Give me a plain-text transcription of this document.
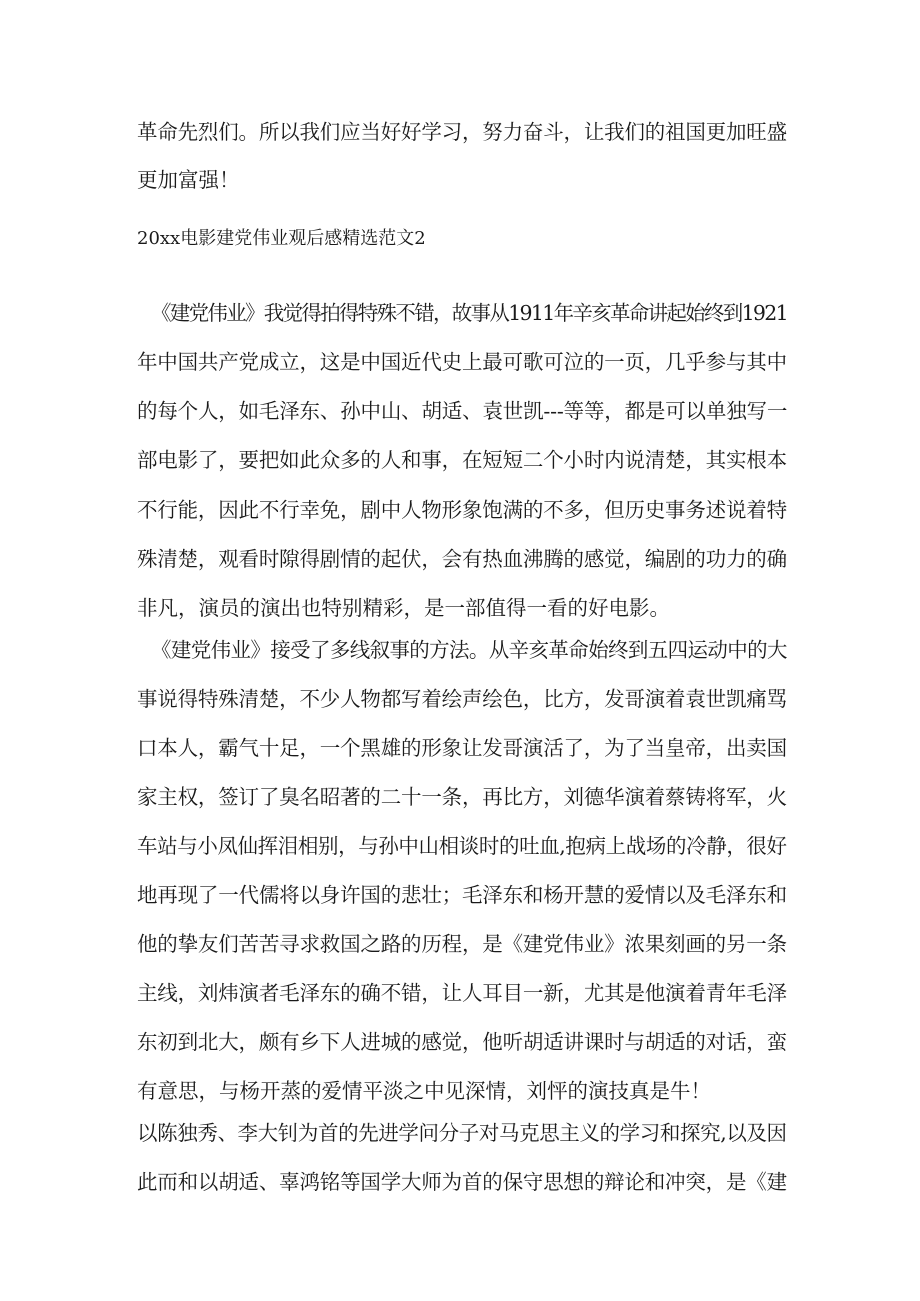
革命先烈们。所以我们应当好好学习，努力奋斗，让我们的祖国更加旺盛
更加富强！
20xx电影建党伟业观后感精选范文2
《建党伟业》我觉得拍得特殊不错，故事从1911年辛亥革命讲起始终到1921
年中国共产党成立，这是中国近代史上最可歌可泣的一页，几乎参与其中
的每个人，如毛泽东、孙中山、胡适、袁世凯---等等，都是可以单独写一
部电影了，要把如此众多的人和事，在短短二个小时内说清楚，其实根本
不行能，因此不行幸免，剧中人物形象饱满的不多，但历史事务述说着特
殊清楚，观看时隙得剧情的起伏，会有热血沸腾的感觉，编剧的功力的确
非凡，演员的演出也特别精彩，是一部值得一看的好电影。
《建党伟业》接受了多线叙事的方法。从辛亥革命始终到五四运动中的大
事说得特殊清楚，不少人物都写着绘声绘色，比方，发哥演着袁世凯痛骂
口本人，霸气十足，一个黑雄的形象让发哥演活了，为了当皇帝，出卖国
家主权，签订了臭名昭著的二十一条，再比方，刘德华演着蔡铸将军，火
车站与小凤仙挥泪相别，与孙中山相谈时的吐血,抱病上战场的冷静，很好
地再现了一代儒将以身许国的悲壮；毛泽东和杨开慧的爱情以及毛泽东和
他的挚友们苦苦寻求救国之路的历程，是《建党伟业》浓果刻画的另一条
主线，刘炜演者毛泽东的确不错，让人耳目一新，尤其是他演着青年毛泽
东初到北大，颇有乡下人进城的感觉，他听胡适讲课时与胡适的对话，蛮
有意思，与杨开蒸的爱情平淡之中见深情，刘怦的演技真是牛！
以陈独秀、李大钊为首的先进学问分子对马克思主义的学习和探究,以及因
此而和以胡适、辜鸿铭等国学大师为首的保守思想的辩论和冲突，是《建
